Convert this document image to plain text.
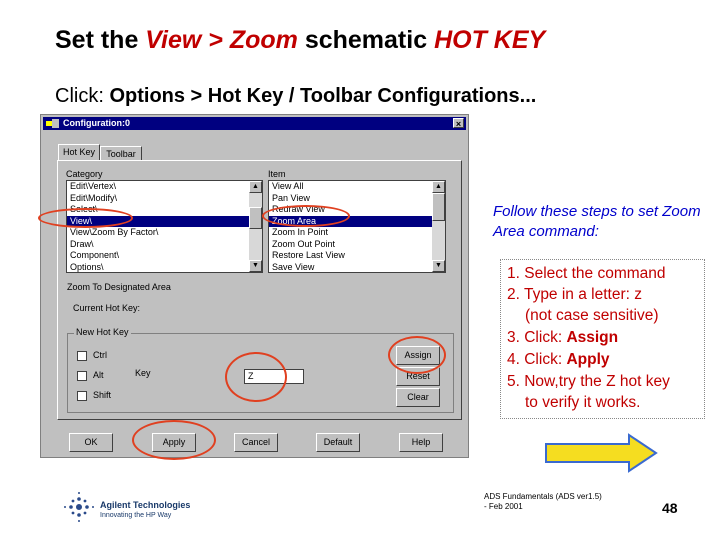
Set the View > Zoom schematic HOT KEY
Click: Options > Hot Key / Toolbar Configurations...
Configuration:0	×
Hot Key	Toolbar
Category	Item
Edit\Vertex\
Edit\Modify\
Select\
View\
View\Zoom By Factor\
Draw\
Component\
Options\
▲
▼
View All
Pan View
Redraw View
Zoom Area
Zoom In Point
Zoom Out Point
Restore Last View
Save View
▲
▼
Zoom To Designated Area
Current Hot Key:
New Hot Key
Ctrl
Alt
Shift
Key	Z
Assign
Reset
Clear
OK	Apply	Cancel	Default	Help
Follow these steps to set Zoom Area command:
1. Select the command
2. Type in a letter: z
(not case sensitive)
3. Click: Assign
4. Click: Apply
5. Now,try the Z hot key
to verify it works.
Agilent Technologies
Innovating the HP Way
ADS Fundamentals (ADS ver1.5) - Feb 2001	48
